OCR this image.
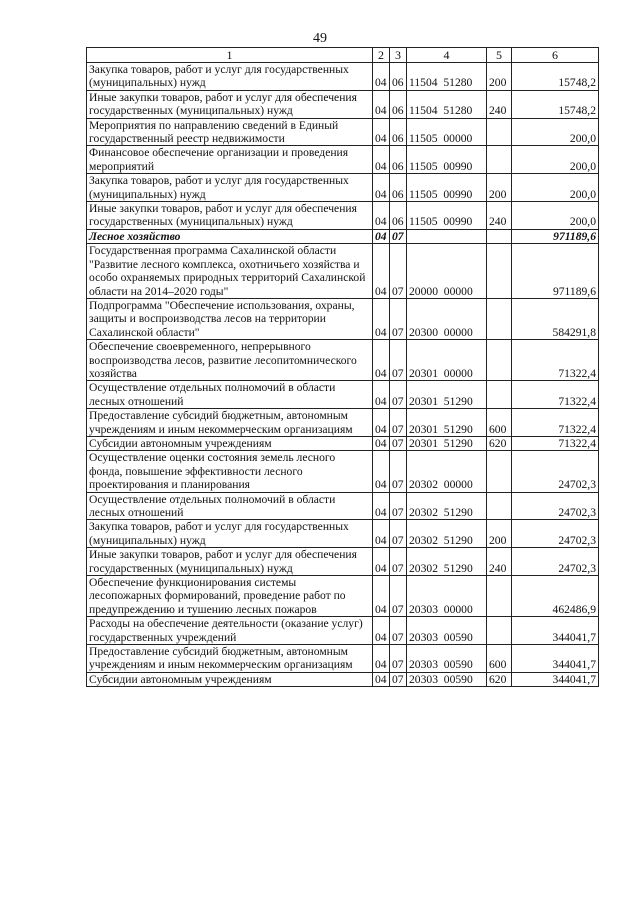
49
1	2	3	4	5	6
Закупка товаров, работ и услуг для государственных (муниципальных) нужд	04	06	11504  51280	200	15748,2
Иные закупки товаров, работ и услуг для обеспечения государственных (муниципальных) нужд	04	06	11504  51280	240	15748,2
Мероприятия по направлению сведений в Единый государственный реестр недвижимости	04	06	11505  00000		200,0
Финансовое обеспечение организации и проведения мероприятий	04	06	11505  00990		200,0
Закупка товаров, работ и услуг для государственных (муниципальных) нужд	04	06	11505  00990	200	200,0
Иные закупки товаров, работ и услуг для обеспечения государственных (муниципальных) нужд	04	06	11505  00990	240	200,0
Лесное хозяйство	04	07			971189,6
Государственная программа Сахалинской области "Развитие лесного комплекса, охотничьего хозяйства и особо охраняемых природных территорий Сахалинской области на 2014–2020 годы"	04	07	20000  00000		971189,6
Подпрограмма "Обеспечение использования, охраны, защиты и воспроизводства лесов на территории Сахалинской области"	04	07	20300  00000		584291,8
Обеспечение своевременного, непрерывного воспроизводства лесов, развитие лесопитомнического хозяйства	04	07	20301  00000		71322,4
Осуществление отдельных полномочий в области лесных отношений	04	07	20301  51290		71322,4
Предоставление субсидий бюджетным, автономным учреждениям и иным некоммерческим организациям	04	07	20301  51290	600	71322,4
Субсидии автономным учреждениям	04	07	20301  51290	620	71322,4
Осуществление оценки состояния земель лесного фонда, повышение эффективности лесного проектирования и планирования	04	07	20302  00000		24702,3
Осуществление отдельных полномочий в области лесных отношений	04	07	20302  51290		24702,3
Закупка товаров, работ и услуг для государственных (муниципальных) нужд	04	07	20302  51290	200	24702,3
Иные закупки товаров, работ и услуг для обеспечения государственных (муниципальных) нужд	04	07	20302  51290	240	24702,3
Обеспечение функционирования системы лесопожарных формирований, проведение работ по предупреждению и тушению лесных пожаров	04	07	20303  00000		462486,9
Расходы на обеспечение деятельности (оказание услуг) государственных учреждений	04	07	20303  00590		344041,7
Предоставление субсидий бюджетным, автономным учреждениям и иным некоммерческим организациям	04	07	20303  00590	600	344041,7
Субсидии автономным учреждениям	04	07	20303  00590	620	344041,7
